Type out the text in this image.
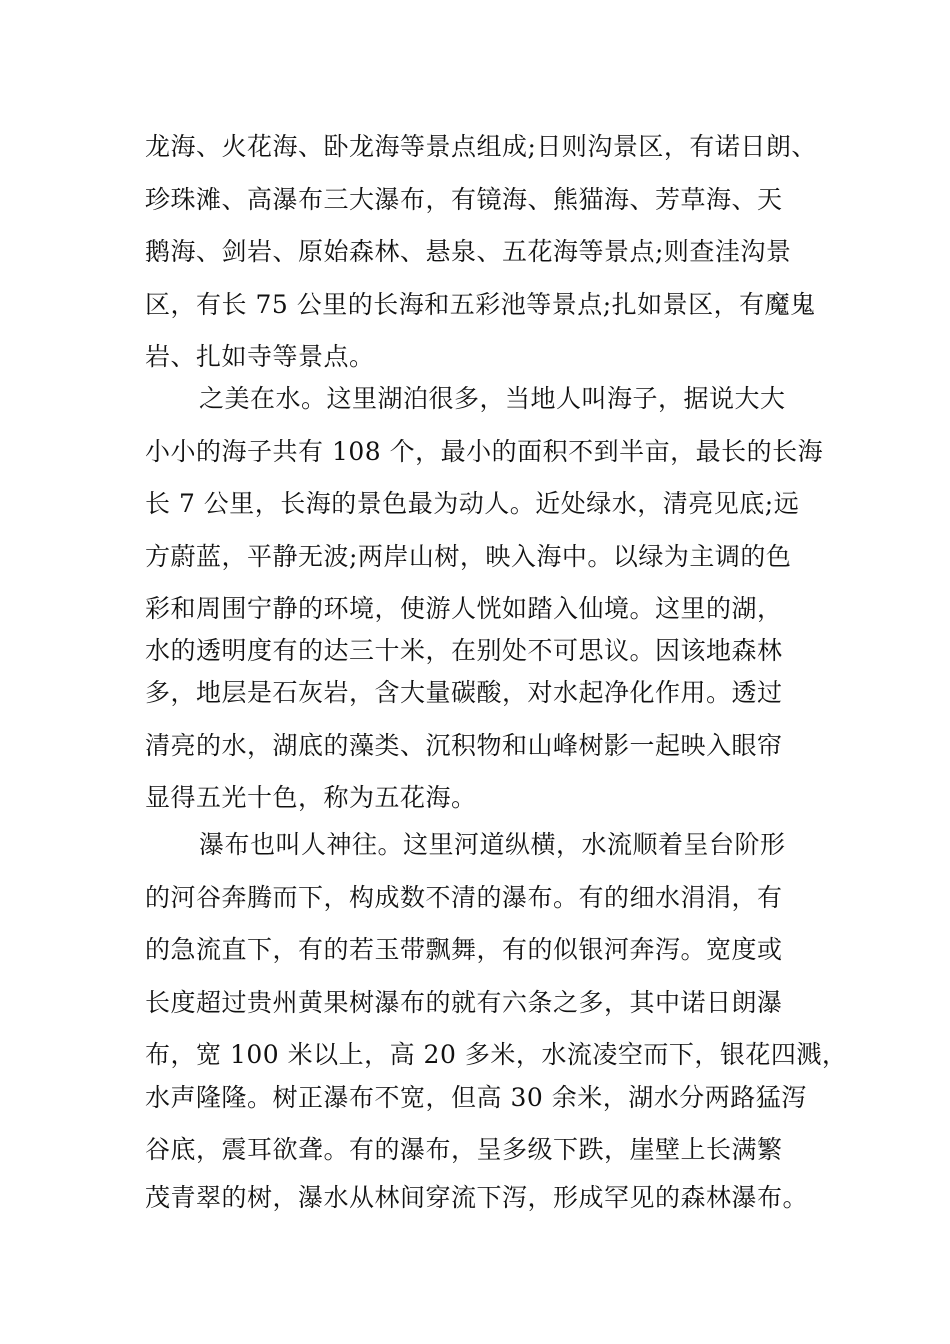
龙海、火花海、卧龙海等景点组成;日则沟景区，有诺日朗、
珍珠滩、高瀑布三大瀑布，有镜海、熊猫海、芳草海、天
鹅海、剑岩、原始森林、悬泉、五花海等景点;则查洼沟景
区，有长 75 公里的长海和五彩池等景点;扎如景区，有魔鬼
岩、扎如寺等景点。
之美在水。这里湖泊很多，当地人叫海子，据说大大
小小的海子共有 108 个，最小的面积不到半亩，最长的长海
长 7 公里，长海的景色最为动人。近处绿水，清亮见底;远
方蔚蓝，平静无波;两岸山树，映入海中。以绿为主调的色
彩和周围宁静的环境，使游人恍如踏入仙境。这里的湖，
水的透明度有的达三十米，在别处不可思议。因该地森林
多，地层是石灰岩，含大量碳酸，对水起净化作用。透过
清亮的水，湖底的藻类、沉积物和山峰树影一起映入眼帘
显得五光十色，称为五花海。
瀑布也叫人神往。这里河道纵横，水流顺着呈台阶形
的河谷奔腾而下，构成数不清的瀑布。有的细水涓涓，有
的急流直下，有的若玉带飘舞，有的似银河奔泻。宽度或
长度超过贵州黄果树瀑布的就有六条之多，其中诺日朗瀑
布，宽 100 米以上，高 20 多米，水流凌空而下，银花四溅，
水声隆隆。树正瀑布不宽，但高 30 余米，湖水分两路猛泻
谷底，震耳欲聋。有的瀑布，呈多级下跌，崖壁上长满繁
茂青翠的树，瀑水从林间穿流下泻，形成罕见的森林瀑布。
